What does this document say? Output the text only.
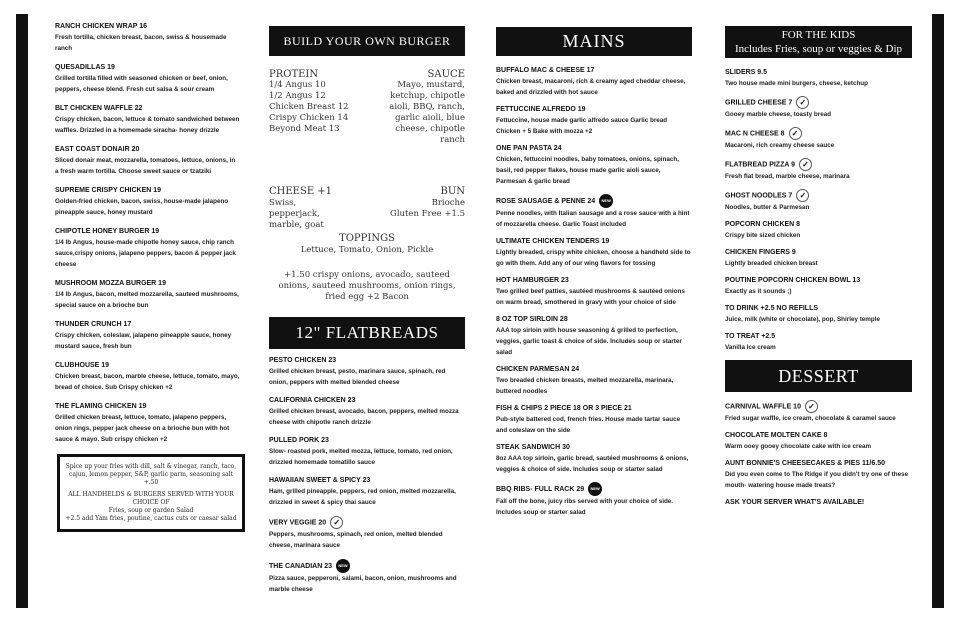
RANCH CHICKEN WRAP 16
Fresh tortilla, chicken breast, bacon, swiss & housemade ranch
QUESADILLAS 19
Grilled tortilla filled with seasoned chicken or beef, onion, peppers, cheese blend. Fresh cut salsa & sour cream
BLT CHICKEN WAFFLE 22
Crispy chicken, bacon, lettuce & tomato sandwiched between waffles. Drizzled in a homemade siracha- honey drizzle
EAST COAST DONAIR 20
Sliced donair meat, mozzarella, tomatoes, lettuce, onions, in a fresh warm tortilla. Choose sweet sauce or tzatziki
SUPREME CRISPY CHICKEN 19
Golden-fried chicken, bacon, swiss, house-made jalapeno pineapple sauce, honey mustard
CHIPOTLE HONEY BURGER 19
1/4 lb Angus, house-made chipotle honey sauce, chip ranch sauce,crispy onions, jalapeno peppers, bacon & pepper jack cheese
MUSHROOM MOZZA BURGER 19
1/4 lb Angus, bacon, melted mozzarella, sauteed mushrooms, special sauce on a brioche bun
THUNDER CRUNCH 17
Crispy chicken, coleslaw, jalapeno pineapple sauce, honey mustard sauce, fresh bun
CLUBHOUSE 19
Chicken breast, bacon, marble cheese, lettuce, tomato, mayo, bread of choice. Sub Crispy chicken +2
THE FLAMING CHICKEN 19
Grilled chicken breast, lettuce, tomato, jalapeno peppers, onion rings, pepper jack cheese on a brioche bun with hot sauce & mayo. Sub crispy chicken +2
Spice up your fries with dill, salt & vinegar, ranch, taco, cajun, lemon pepper, S&P, garlic parm, seasoning salt +.50
ALL HANDHELDS & BURGERS SERVED WITH YOUR CHOICE OF
Fries, soup or garden Salad
+2.5 add Yam fries, poutine, cactus cuts or caesar salad
BUILD YOUR OWN BURGER
PROTEIN
1/4 Angus 10
1/2 Angus 12
Chicken Breast 12
Crispy Chicken 14
Beyond Meat 13
SAUCE
Mayo, mustard, ketchup, chipotle aioli, BBQ, ranch, garlic aioli, blue cheese, chipotle ranch
CHEESE +1
Swiss, pepperjack, marble, goat
BUN
Brioche
Gluten Free +1.5
TOPPINGS
Lettuce, Tomato, Onion, Pickle
+1.50 crispy onions, avocado, sauteed onions, sauteed mushrooms, onion rings, fried egg +2 Bacon
12" FLATBREADS
PESTO CHICKEN 23
Grilled chicken breast, pesto, marinara sauce, spinach, red onion, peppers with melted blended cheese
CALIFORNIA CHICKEN 23
Grilled chicken breast, avocado, bacon, peppers, melted mozza cheese with chipotle ranch drizzle
PULLED PORK 23
Slow- roasted pork, melted mozza, lettuce, tomato, red onion, drizzled homemade tomatillo sauce
HAWAIIAN SWEET & SPICY 23
Ham, grilled pineapple, peppers, red onion, melted mozzarella, drizzled in sweet & spicy thai sauce
VERY VEGGIE 20 ✓
Peppers, mushrooms, spinach, red onion, melted blended cheese, marinara sauce
THE CANADIAN 23 NEW
Pizza sauce, pepperoni, salami, bacon, onion, mushrooms and marble cheese
MAINS
BUFFALO MAC & CHEESE 17
Chicken breast, macaroni, rich & creamy aged cheddar cheese, baked and drizzled with hot sauce
FETTUCCINE ALFREDO 19
Fettuccine, house made garlic alfredo sauce Garlic bread Chicken + 5 Bake with mozza +2
ONE PAN PASTA 24
Chicken, fettuccini noodles, baby tomatoes, onions, spinach, basil, red pepper flakes, house made garlic aioli sauce, Parmesan & garlic bread
ROSE SAUSAGE & PENNE 24 NEW
Penne noodles, with Italian sausage and a rose sauce with a hint of mozzarella cheese. Garlic Toast included
ULTIMATE CHICKEN TENDERS 19
Lightly breaded, crispy white chicken, choose a handheld side to go with them. Add any of our wing flavors for tossing
HOT HAMBURGER 23
Two grilled beef patties, sautéed mushrooms & sautéed onions on warm bread, smothered in gravy with your choice of side
8 OZ TOP SIRLOIN 28
AAA top sirloin with house seasoning & grilled to perfection, veggies, garlic toast & choice of side. Includes soup or starter salad
CHICKEN PARMESAN 24
Two breaded chicken breasts, melted mozzarella, marinara, buttered noodles
FISH & CHIPS 2 PIECE 18 OR 3 PIECE 21
Pub-style battered cod, french fries. House made tartar sauce and coleslaw on the side
STEAK SANDWICH 30
8oz AAA top sirloin, garlic bread, sautéed mushrooms & onions, veggies & choice of side. Includes soup or starter salad
BBQ RIBS- FULL RACK 29 NEW
Fall off the bone, juicy ribs served with your choice of side. Includes soup or starter salad
FOR THE KIDS
Includes Fries, soup or veggies & Dip
SLIDERS 9.5
Two house made mini burgers, cheese, ketchup
GRILLED CHEESE 7 ✓
Gooey marble cheese, toasty bread
MAC N CHEESE 8 ✓
Macaroni, rich creamy cheese sauce
FLATBREAD PIZZA 9 ✓
Fresh flat bread, marble cheese, marinara
GHOST NOODLES 7 ✓
Noodles, butter & Parmesan
POPCORN CHICKEN 8
Crispy bite sized chicken
CHICKEN FINGERS 9
Lightly breaded chicken breast
POUTINE POPCORN CHICKEN BOWL 13
Exactly as it sounds ;)
TO DRINK +2.5 NO REFILLS
Juice, milk (white or chocolate), pop, Shirley temple
TO TREAT +2.5
Vanilla Ice cream
DESSERT
CARNIVAL WAFFLE 10 ✓
Fried sugar waffle, ice cream, chocolate & caramel sauce
CHOCOLATE MOLTEN CAKE 8
Warm ooey gooey chocolate cake with ice cream
AUNT BONNIE'S CHEESECAKES & PIES 11/6.50
Did you even come to The Ridge if you didn't try one of these mouth- watering house made treats?
ASK YOUR SERVER WHAT'S AVAILABLE!
